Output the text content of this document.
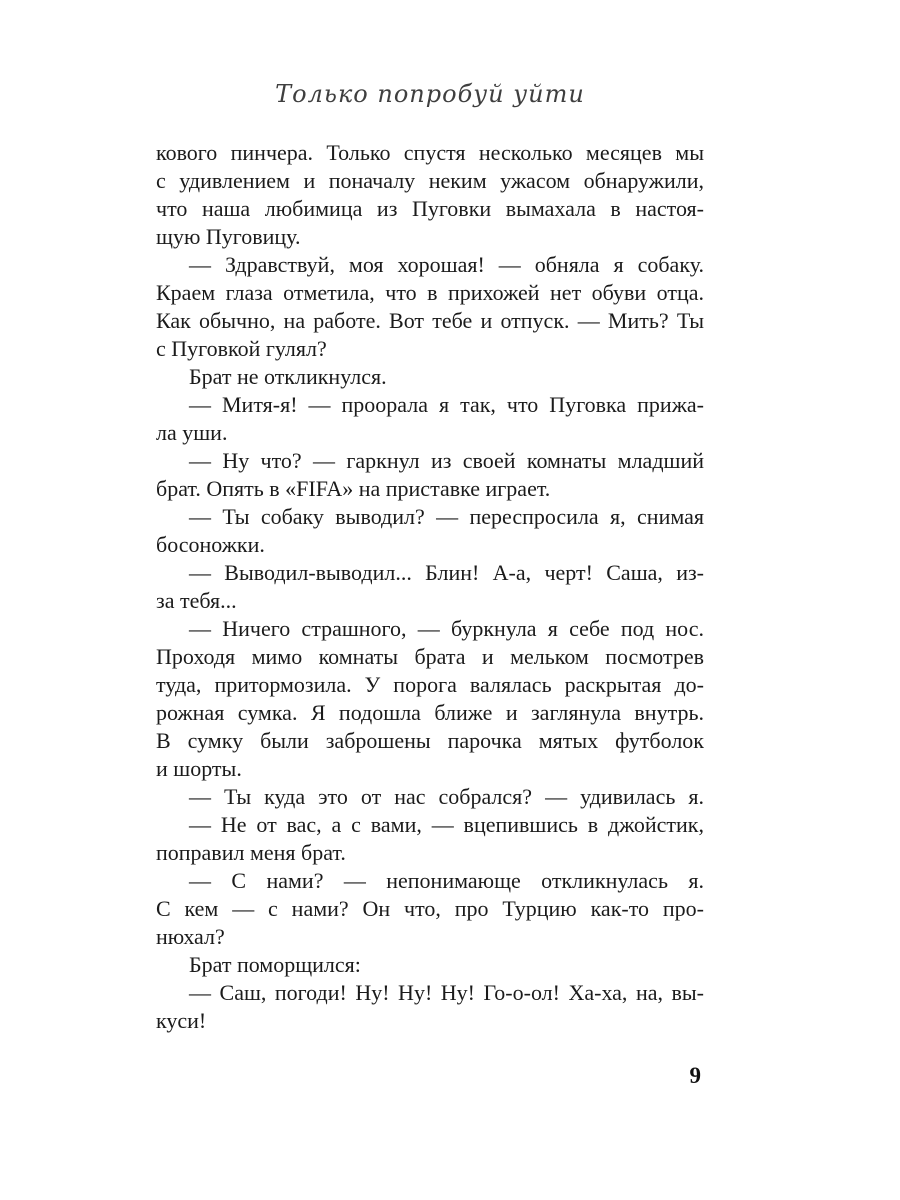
Только попробуй уйти
кового пинчера. Только спустя несколько месяцев мы
с удивлением и поначалу неким ужасом обнаружили,
что наша любимица из Пуговки вымахала в настоя-
щую Пуговицу.
— Здравствуй, моя хорошая! — обняла я собаку.
Краем глаза отметила, что в прихожей нет обуви отца.
Как обычно, на работе. Вот тебе и отпуск. — Мить? Ты
с Пуговкой гулял?
Брат не откликнулся.
— Митя-я! — проорала я так, что Пуговка прижа-
ла уши.
— Ну что? — гаркнул из своей комнаты младший
брат. Опять в «FIFA» на приставке играет.
— Ты собаку выводил? — переспросила я, снимая
босоножки.
— Выводил-выводил... Блин! А-а, черт! Саша, из-
за тебя...
— Ничего страшного, — буркнула я себе под нос.
Проходя мимо комнаты брата и мельком посмотрев
туда, притормозила. У порога валялась раскрытая до-
рожная сумка. Я подошла ближе и заглянула внутрь.
В сумку были заброшены парочка мятых футболок
и шорты.
— Ты куда это от нас собрался? — удивилась я.
— Не от вас, а с вами, — вцепившись в джойстик,
поправил меня брат.
— С нами? — непонимающе откликнулась я.
С кем — с нами? Он что, про Турцию как-то про-
нюхал?
Брат поморщился:
— Саш, погоди! Ну! Ну! Ну! Го-о-ол! Ха-ха, на, вы-
куси!
9
